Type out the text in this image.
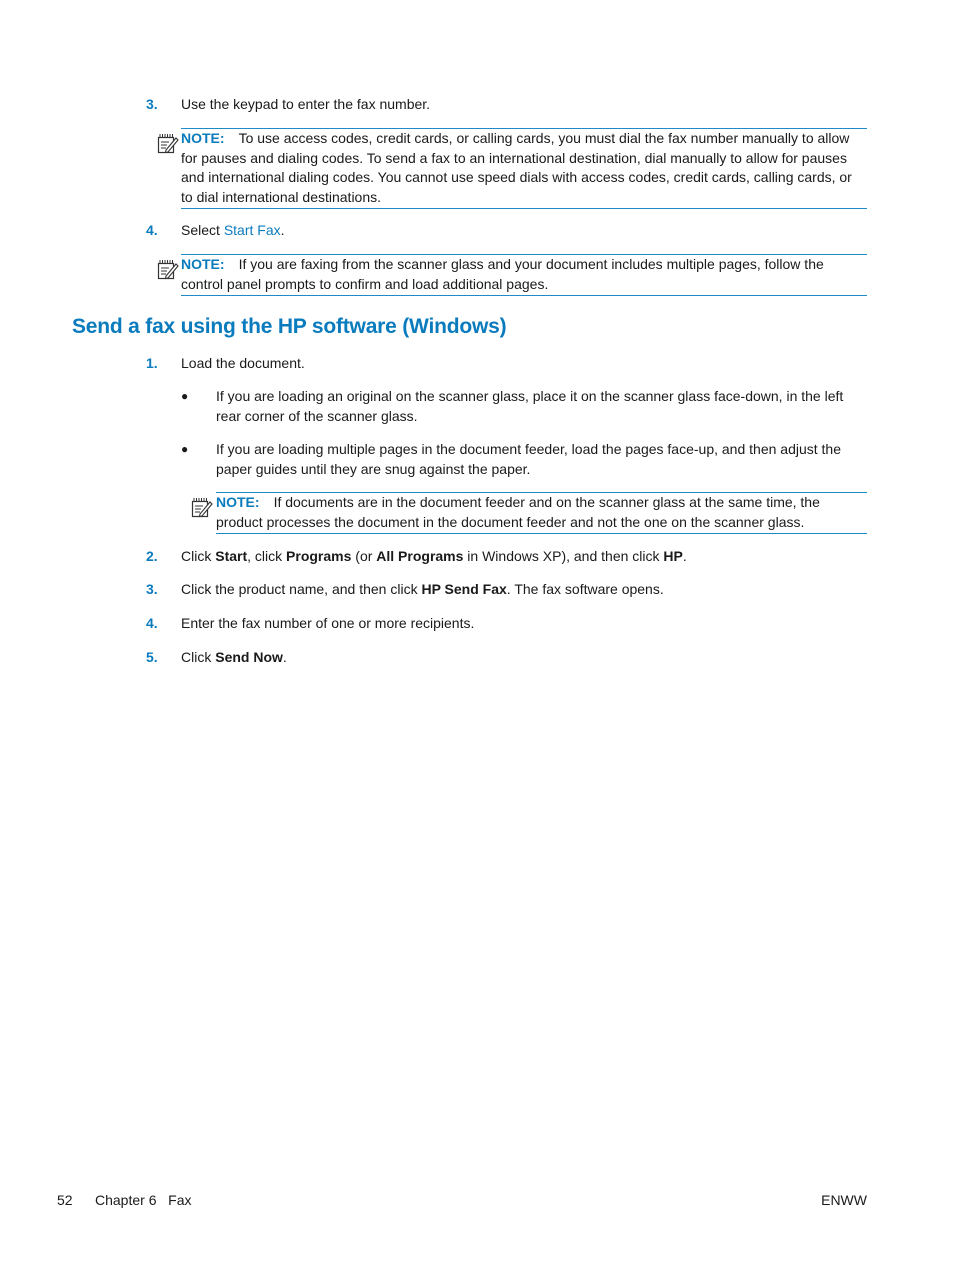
3. Use the keypad to enter the fax number.
NOTE: To use access codes, credit cards, or calling cards, you must dial the fax number manually to allow for pauses and dialing codes. To send a fax to an international destination, dial manually to allow for pauses and international dialing codes. You cannot use speed dials with access codes, credit cards, calling cards, or to dial international destinations.
4. Select Start Fax.
NOTE: If you are faxing from the scanner glass and your document includes multiple pages, follow the control panel prompts to confirm and load additional pages.
Send a fax using the HP software (Windows)
1. Load the document.
● If you are loading an original on the scanner glass, place it on the scanner glass face-down, in the left rear corner of the scanner glass.
● If you are loading multiple pages in the document feeder, load the pages face-up, and then adjust the paper guides until they are snug against the paper.
NOTE: If documents are in the document feeder and on the scanner glass at the same time, the product processes the document in the document feeder and not the one on the scanner glass.
2. Click Start, click Programs (or All Programs in Windows XP), and then click HP.
3. Click the product name, and then click HP Send Fax. The fax software opens.
4. Enter the fax number of one or more recipients.
5. Click Send Now.
52 Chapter 6   Fax	ENWW
